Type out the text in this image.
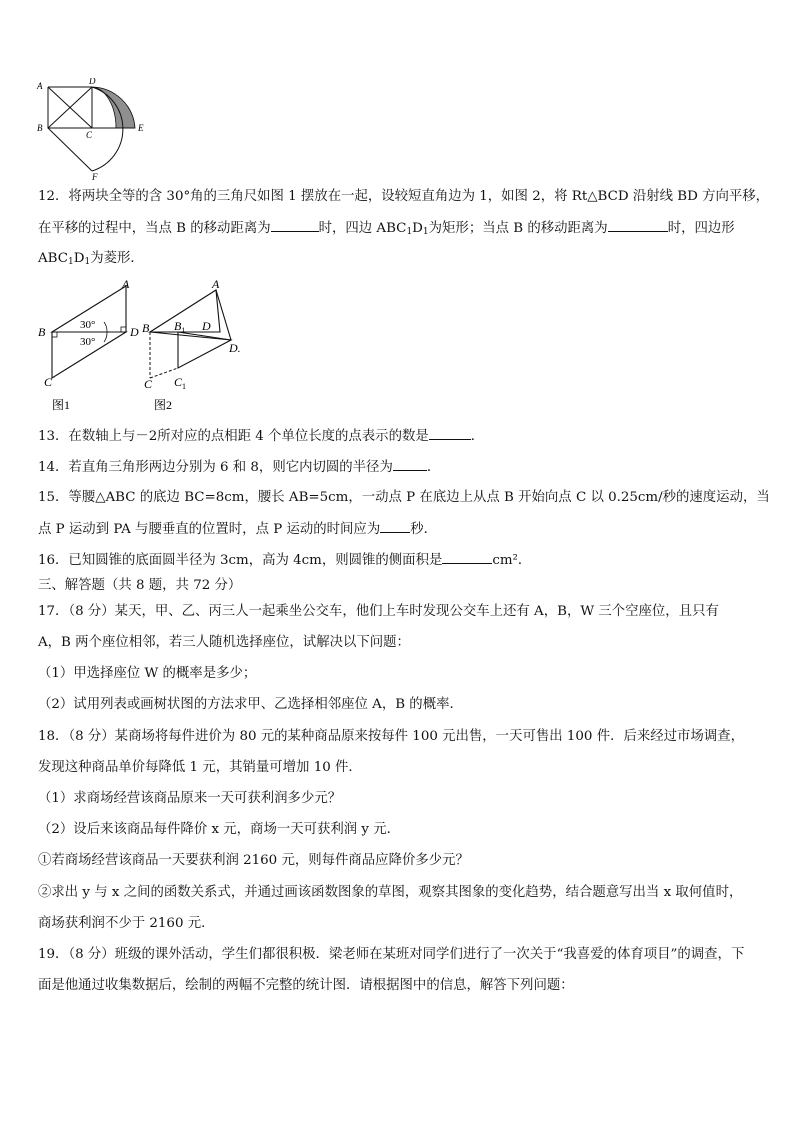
A	D
B
C
E
F
12．将两块全等的含 30°角的三角尺如图 1 摆放在一起，设较短直角边为 1，如图 2，将 Rt△BCD 沿射线 BD 方向平移，
在平移的过程中，当点 B 的移动距离为	时，四边 $ABC_1D_1$为矩形；当点 B 的移动距离为	时，四边形
$ABC_1D_1$为菱形．
A
B	D
C
30°
30°
图1
A
B $B_1$ D
D.
C $C_1$
图2
13．在数轴上与－2所对应的点相距 4 个单位长度的点表示的数是	．
14．若直角三角形两边分别为 6 和 8，则它内切圆的半径为	．
15．等腰△ABC 的底边 BC=8cm，腰长 AB=5cm，一动点 P 在底边上从点 B 开始向点 C 以 0.25cm/秒的速度运动，当
点 P 运动到 PA 与腰垂直的位置时，点 P 运动的时间应为 秒．
16．已知圆锥的底面圆半径为 3cm，高为 4cm，则圆锥的侧面积是	cm²．
三、解答题（共 8 题，共 72 分）
17．（8 分）某天，甲、乙、丙三人一起乘坐公交车，他们上车时发现公交车上还有 A，B，W 三个空座位，且只有
A，B 两个座位相邻，若三人随机选择座位，试解决以下问题：
（1）甲选择座位 W 的概率是多少；
（2）试用列表或画树状图的方法求甲、乙选择相邻座位 A，B 的概率．
18．（8 分）某商场将每件进价为 80 元的某种商品原来按每件 100 元出售，一天可售出 100 件．后来经过市场调查，
发现这种商品单价每降低 1 元，其销量可增加 10 件．
（1）求商场经营该商品原来一天可获利润多少元？
（2）设后来该商品每件降价 x 元，商场一天可获利润 y 元．
①若商场经营该商品一天要获利润 2160 元，则每件商品应降价多少元？
②求出 y 与 x 之间的函数关系式，并通过画该函数图象的草图，观察其图象的变化趋势，结合题意写出当 x 取何值时，
商场获利润不少于 2160 元．
19．（8 分）班级的课外活动，学生们都很积极．梁老师在某班对同学们进行了一次关于“我喜爱的体育项目”的调查，下
面是他通过收集数据后，绘制的两幅不完整的统计图．请根据图中的信息，解答下列问题：
